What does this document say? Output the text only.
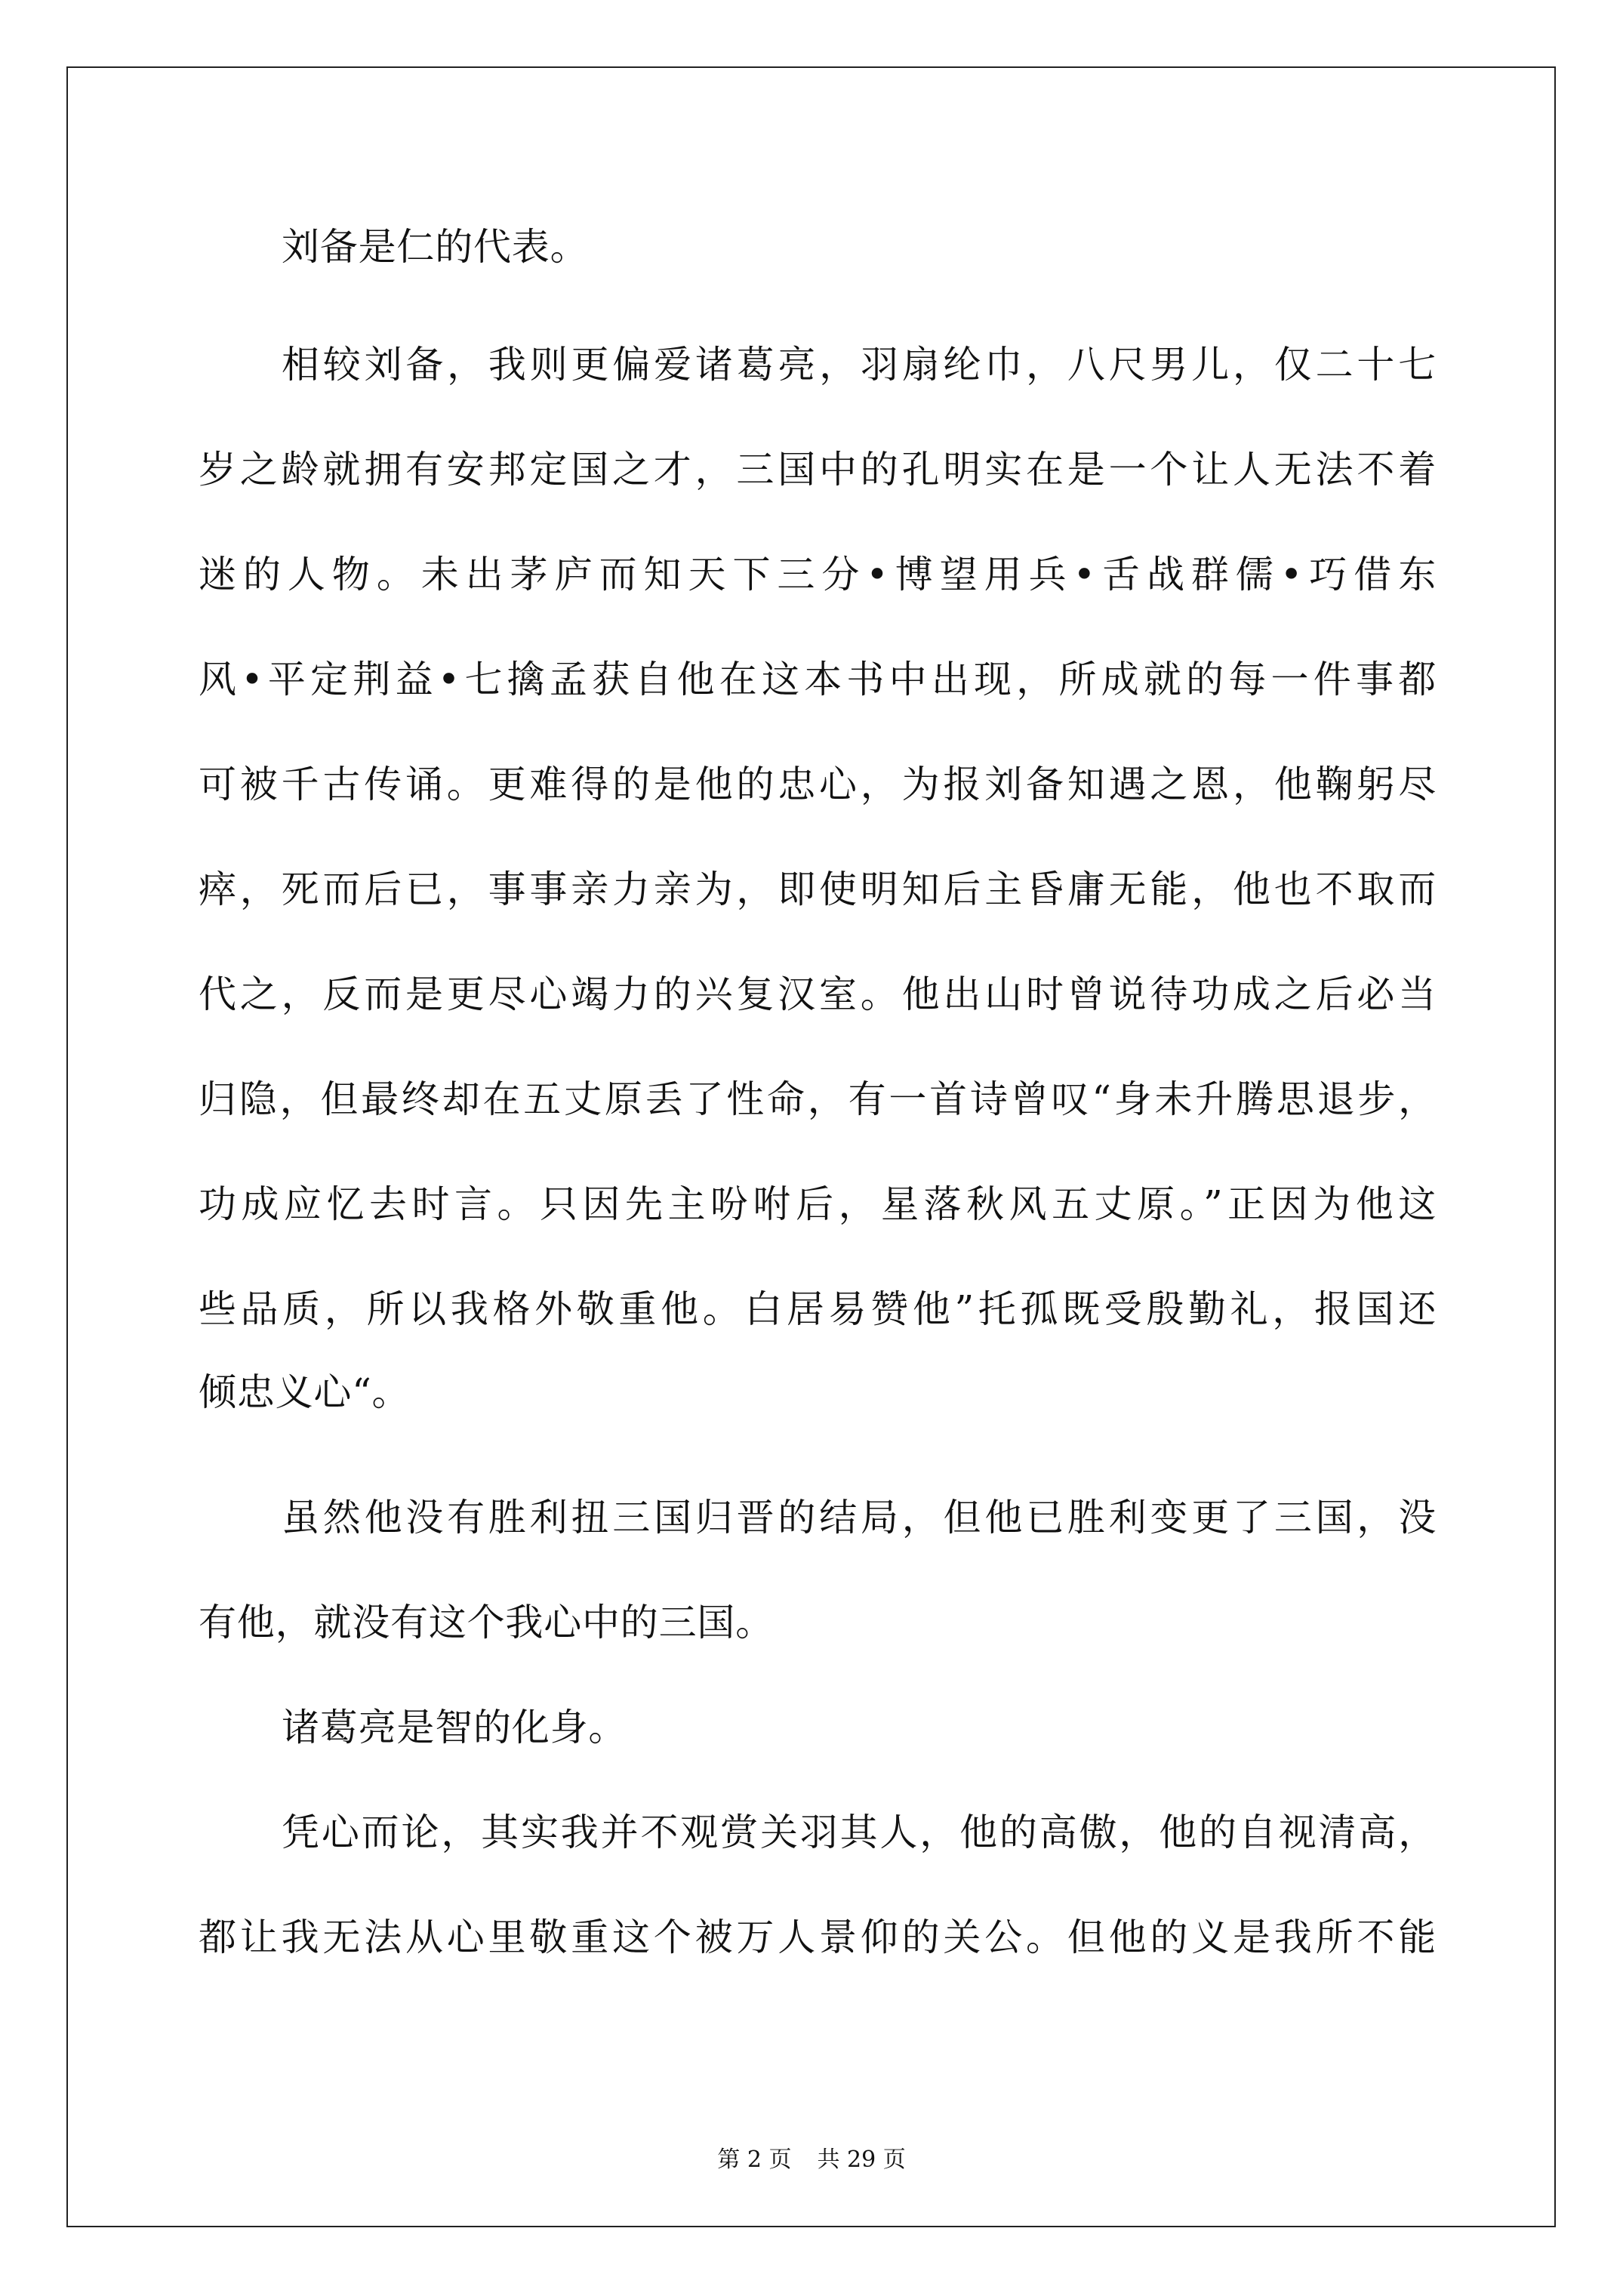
刘备是仁的代表。
相较刘备，我则更偏爱诸葛亮，羽扇纶巾，八尺男儿，仅二十七
岁之龄就拥有安邦定国之才，三国中的孔明实在是一个让人无法不着
迷的人物。未出茅庐而知天下三分•博望用兵•舌战群儒•巧借东
风•平定荆益•七擒孟获自他在这本书中出现，所成就的每一件事都
可被千古传诵。更难得的是他的忠心，为报刘备知遇之恩，他鞠躬尽
瘁，死而后已，事事亲力亲为，即使明知后主昏庸无能，他也不取而
代之，反而是更尽心竭力的兴复汉室。他出山时曾说待功成之后必当
归隐，但最终却在五丈原丢了性命，有一首诗曾叹“身未升腾思退步，
功成应忆去时言。只因先主吩咐后，星落秋风五丈原。”正因为他这
些品质，所以我格外敬重他。白居易赞他”托孤既受殷勤礼，报国还
倾忠义心“。
虽然他没有胜利扭三国归晋的结局，但他已胜利变更了三国，没
有他，就没有这个我心中的三国。
诸葛亮是智的化身。
凭心而论，其实我并不观赏关羽其人，他的高傲，他的自视清高，
都让我无法从心里敬重这个被万人景仰的关公。但他的义是我所不能
第 2 页 共 29 页
